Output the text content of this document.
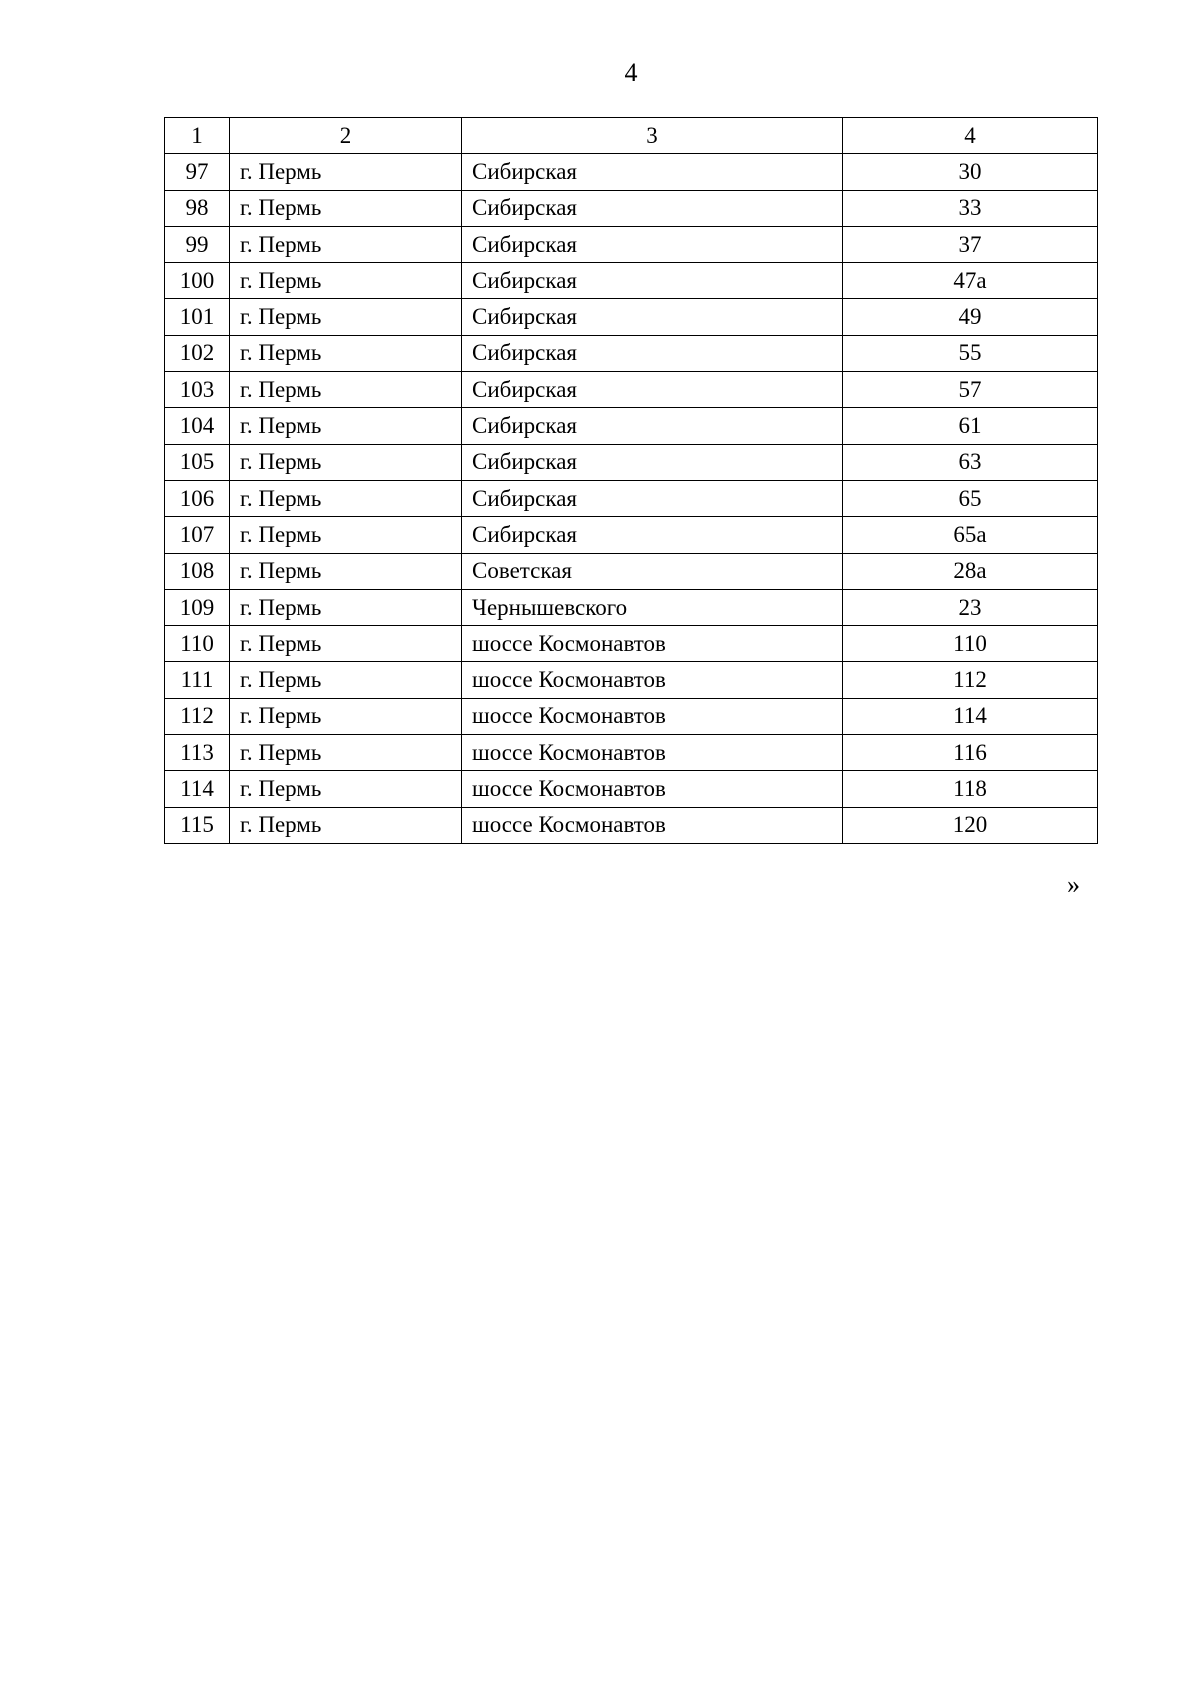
4
1	2	3	4
97	г. Пермь	Сибирская	30
98	г. Пермь	Сибирская	33
99	г. Пермь	Сибирская	37
100	г. Пермь	Сибирская	47а
101	г. Пермь	Сибирская	49
102	г. Пермь	Сибирская	55
103	г. Пермь	Сибирская	57
104	г. Пермь	Сибирская	61
105	г. Пермь	Сибирская	63
106	г. Пермь	Сибирская	65
107	г. Пермь	Сибирская	65а
108	г. Пермь	Советская	28а
109	г. Пермь	Чернышевского	23
110	г. Пермь	шоссе Космонавтов	110
111	г. Пермь	шоссе Космонавтов	112
112	г. Пермь	шоссе Космонавтов	114
113	г. Пермь	шоссе Космонавтов	116
114	г. Пермь	шоссе Космонавтов	118
115	г. Пермь	шоссе Космонавтов	120
»
